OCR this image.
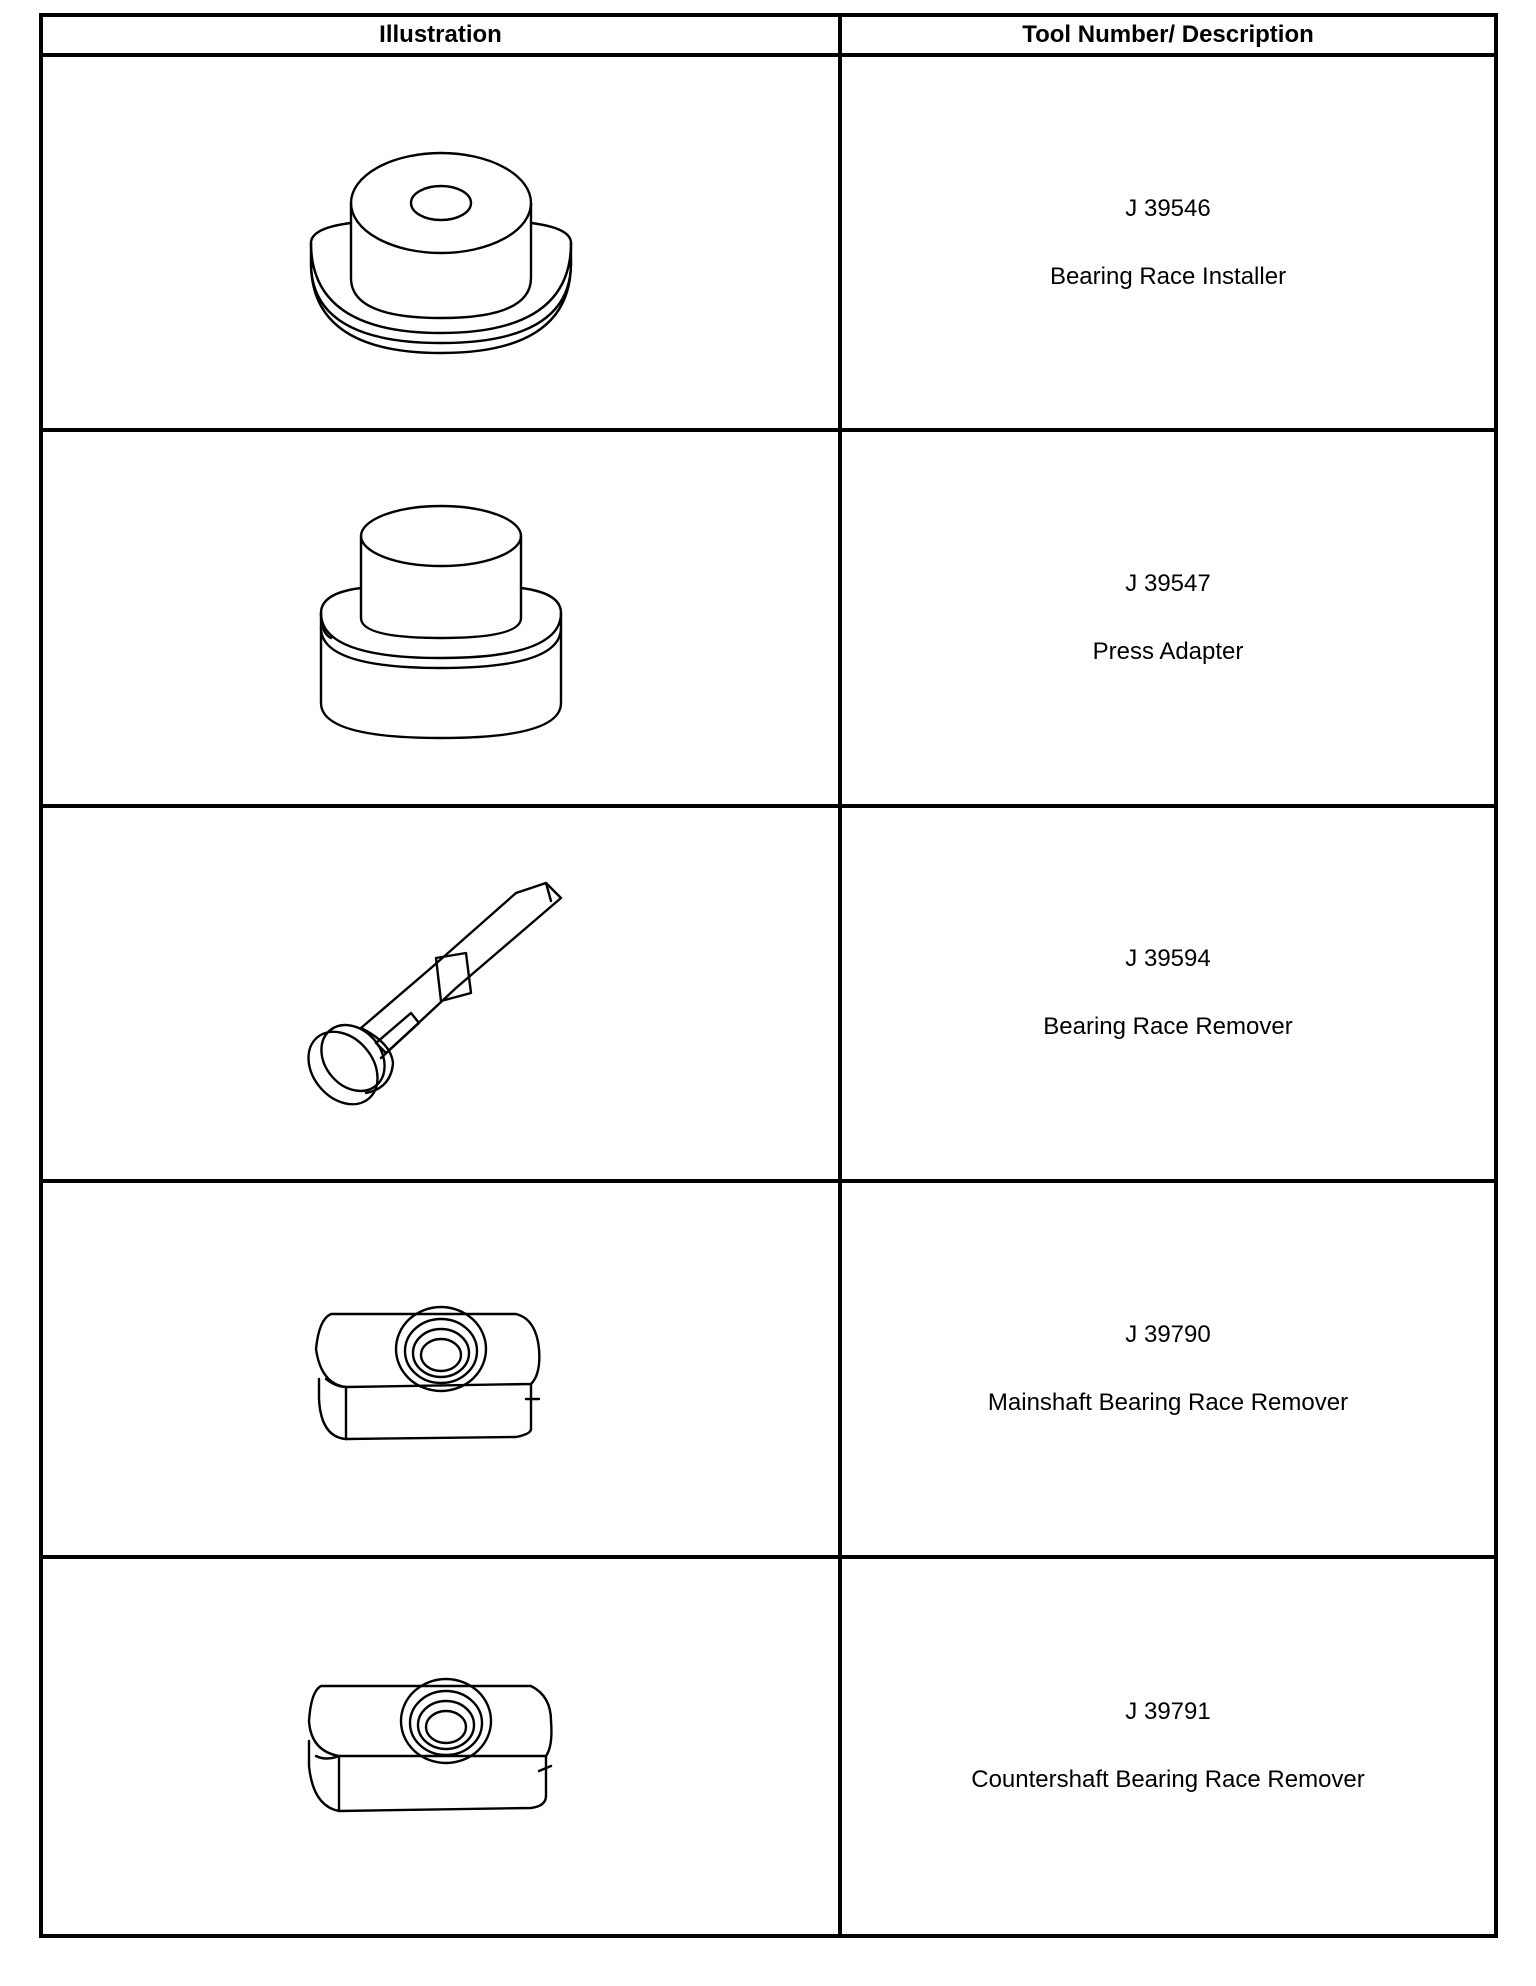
Illustration	Tool Number/ Description
J 39546
Bearing Race Installer
J 39547
Press Adapter
J 39594
Bearing Race Remover
J 39790
Mainshaft Bearing Race Remover
J 39791
Countershaft Bearing Race Remover
